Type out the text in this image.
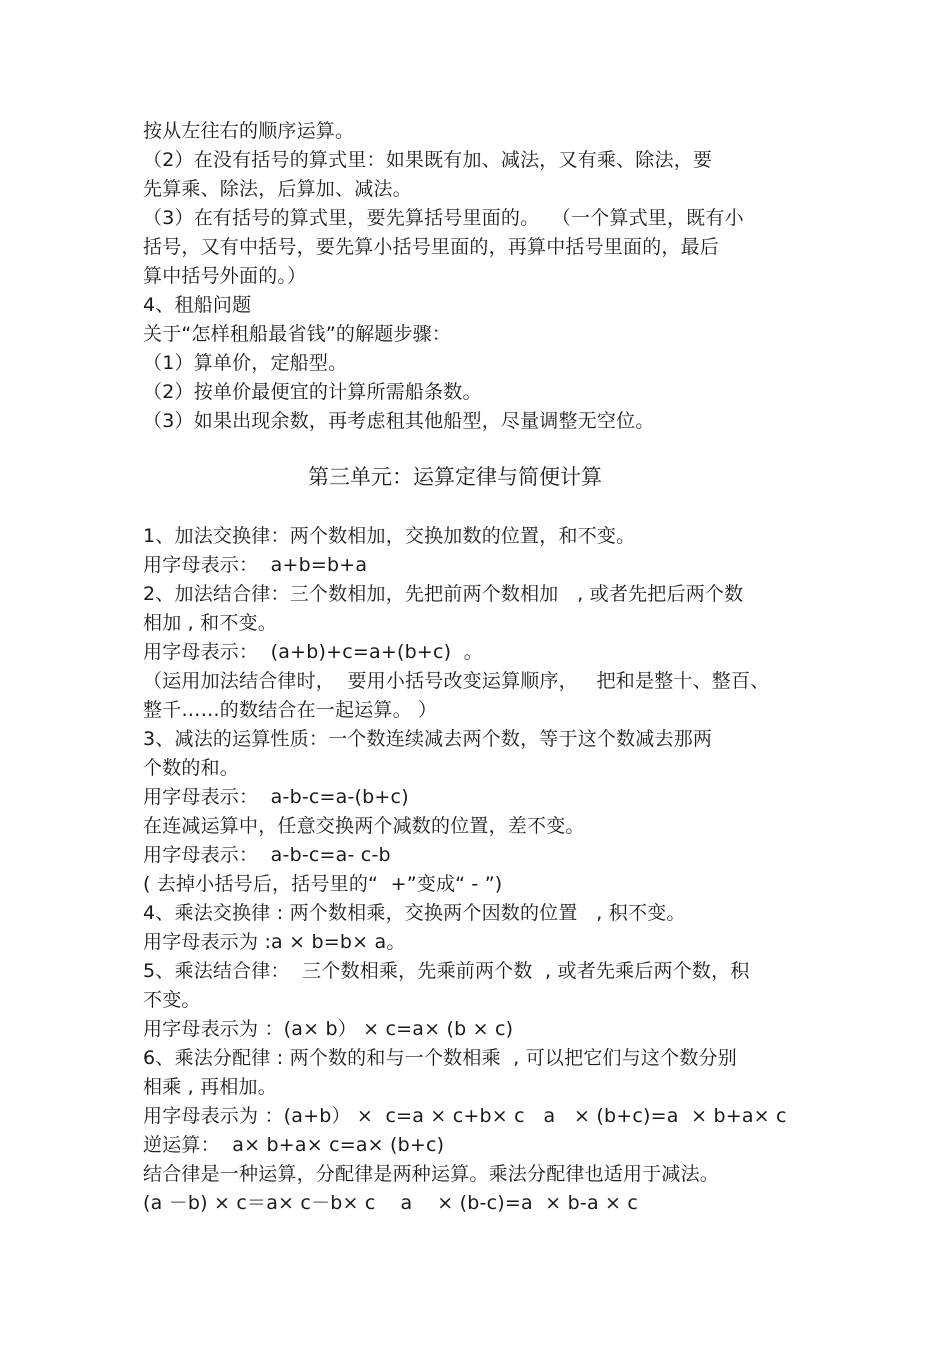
按从左往右的顺序运算。
（2）在没有括号的算式里：如果既有加、减法，又有乘、除法，要
先算乘、除法，后算加、减法。
（3）在有括号的算式里，要先算括号里面的。  （一个算式里，既有小
括号，又有中括号，要先算小括号里面的，再算中括号里面的，最后
算中括号外面的。）
4、租船问题
关于“怎样租船最省钱”的解题步骤：
（1）算单价，定船型。
（2）按单价最便宜的计算所需船条数。
（3）如果出现余数，再考虑租其他船型，尽量调整无空位。
第三单元：运算定律与简便计算
1、加法交换律：两个数相加，交换加数的位置，和不变。
用字母表示：  a+b=b+a
2、加法结合律：三个数相加，先把前两个数相加   , 或者先把后两个数
相加 , 和不变。
用字母表示：  (a+b)+c=a+(b+c)  。
（运用加法结合律时，  要用小括号改变运算顺序，   把和是整十、整百、
整千……的数结合在一起运算。 ）
3、减法的运算性质：一个数连续减去两个数，等于这个数减去那两
个数的和。
用字母表示：  a-b-c=a-(b+c)
在连减运算中，任意交换两个减数的位置，差不变。
用字母表示：  a-b-c=a- c-b
( 去掉小括号后，括号里的“  +”变成“ - ”)
4、乘法交换律 : 两个数相乘，交换两个因数的位置   , 积不变。
用字母表示为 :a × b=b× a。
5、乘法结合律：  三个数相乘，先乘前两个数  , 或者先乘后两个数，积
不变。
用字母表示为 ：(a× b） × c=a× (b × c)
6、乘法分配律 : 两个数的和与一个数相乘  , 可以把它们与这个数分别
相乘 , 再相加。
用字母表示为 ：(a+b） ×  c=a × c+b× c   a   × (b+c)=a  × b+a× c
逆运算：  a× b+a× c=a× (b+c)
结合律是一种运算，分配律是两种运算。乘法分配律也适用于减法。
(a －b) × c＝a× c－b× c    a    × (b-c)=a  × b-a × c
